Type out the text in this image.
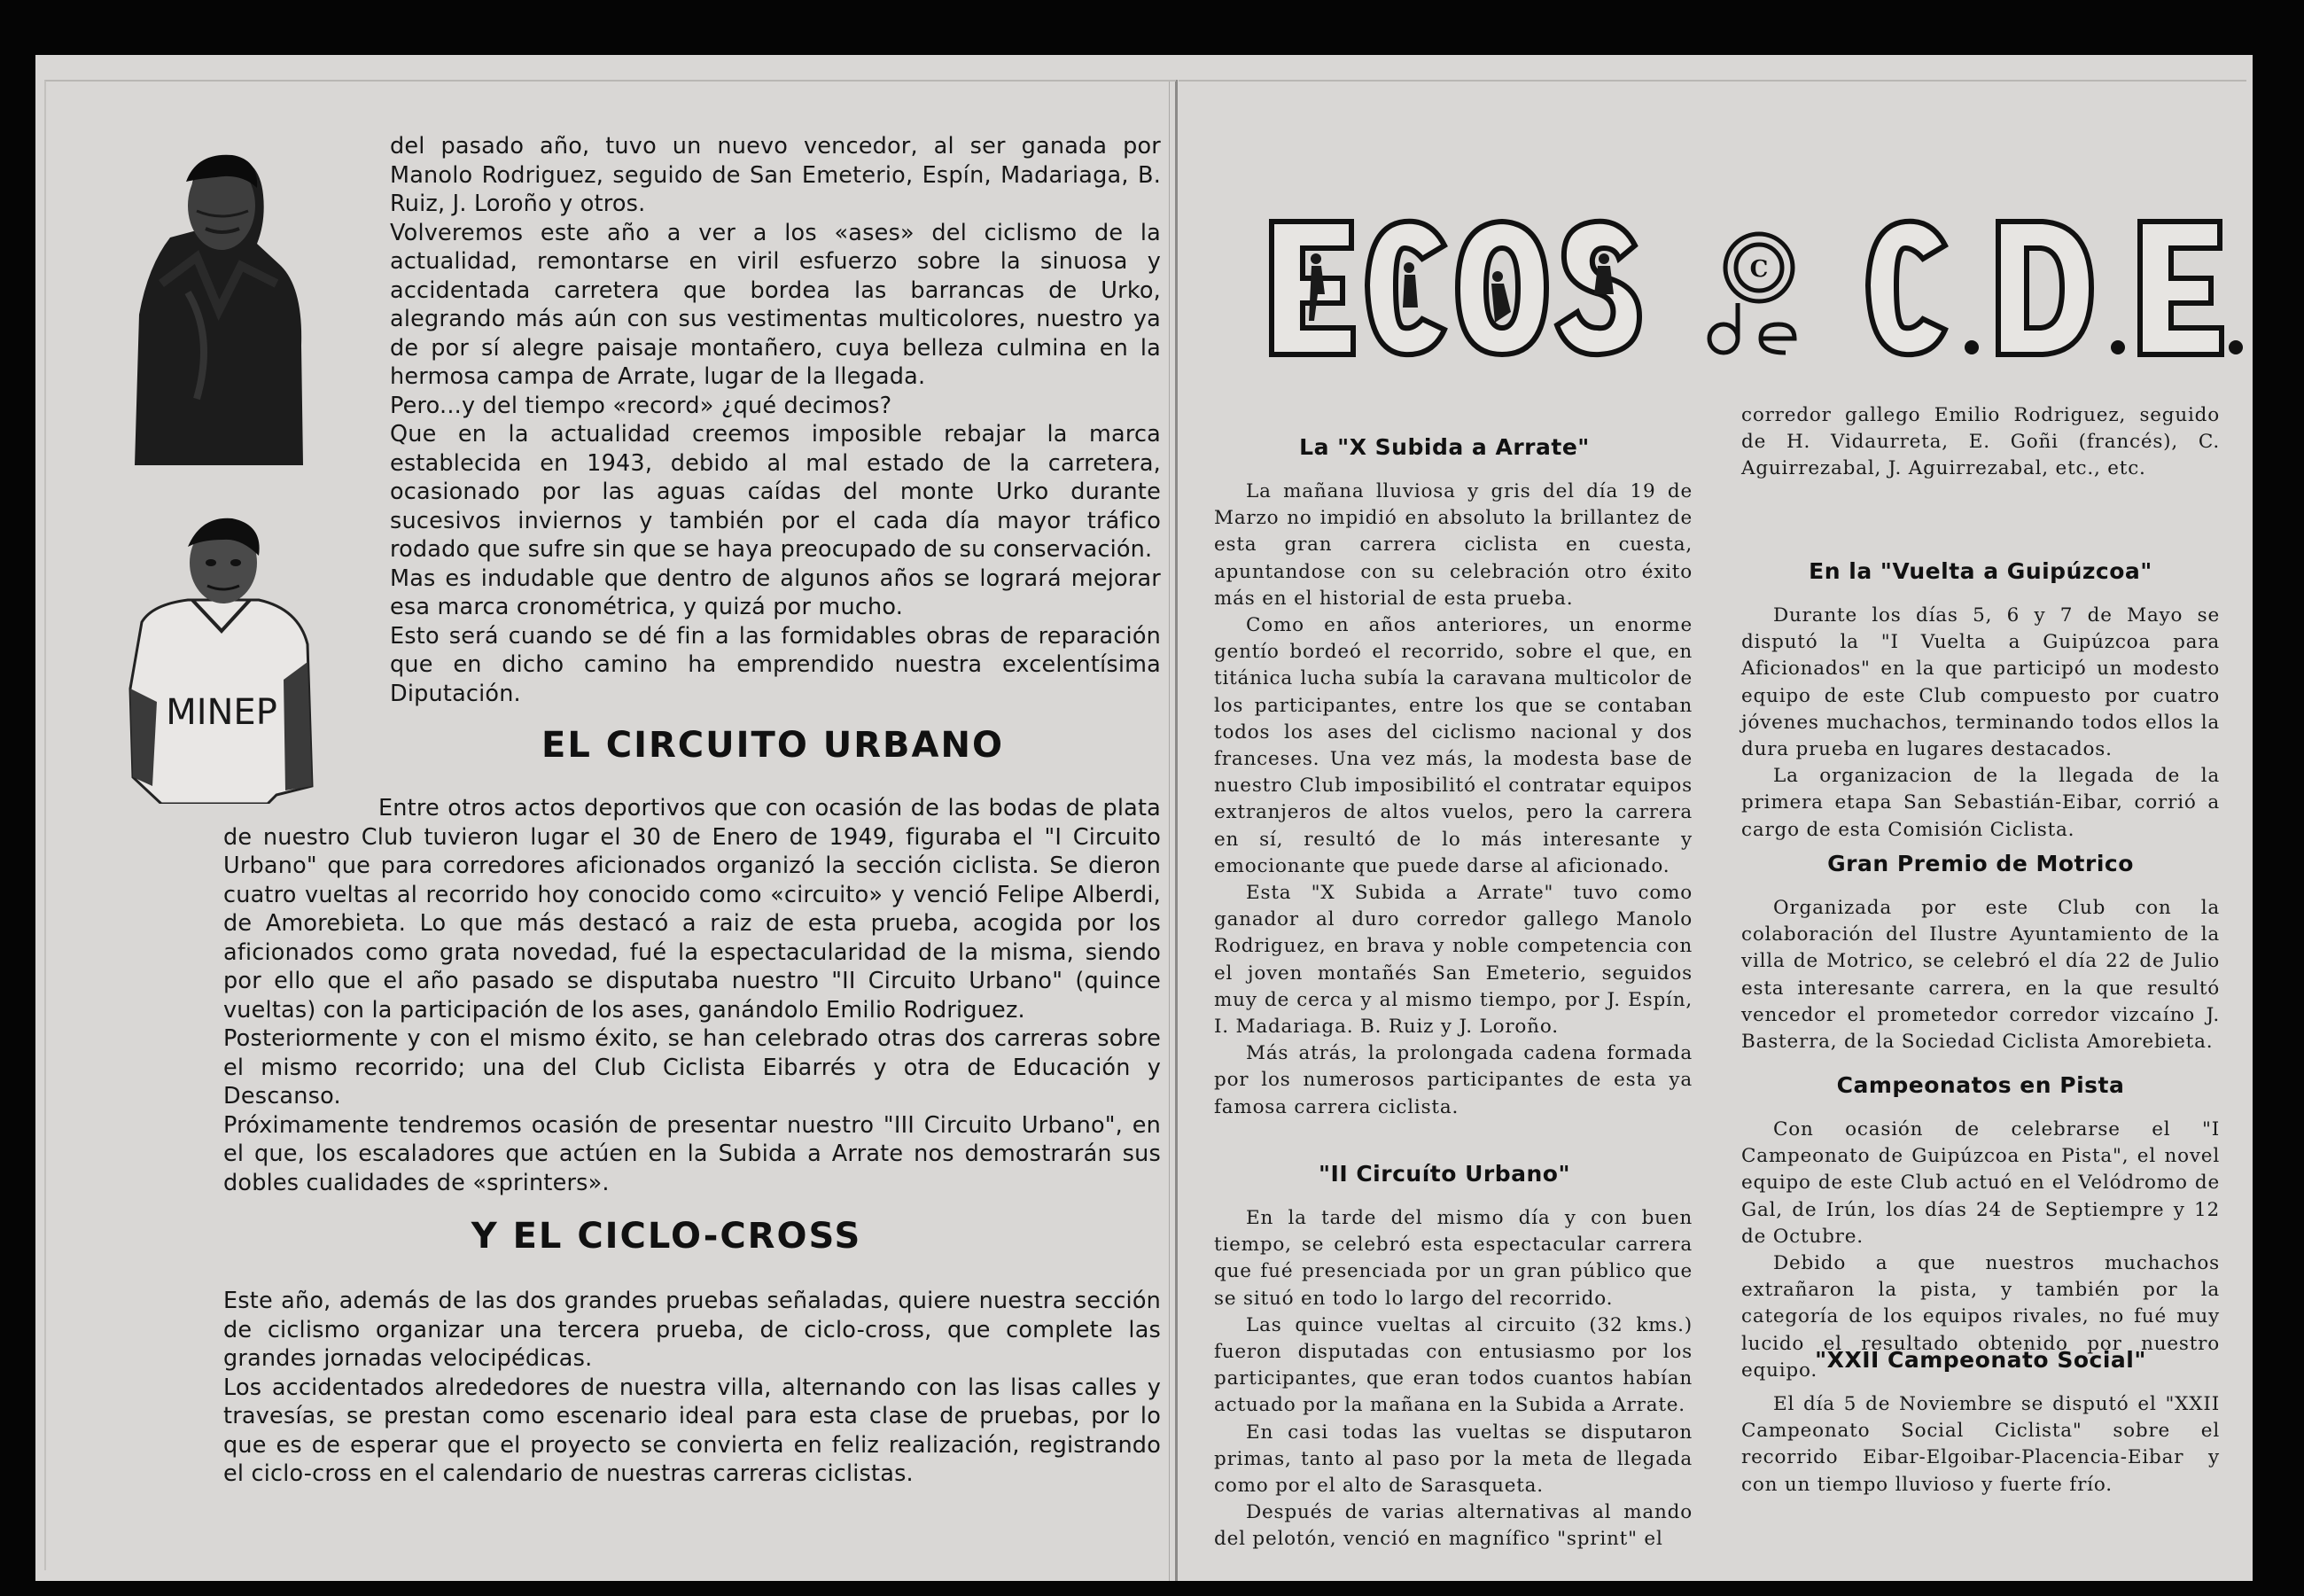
MINEP

del pasado año, tuvo un nuevo vencedor, al ser ganada por Manolo Rodriguez, seguido de San Emeterio, Espín, Madariaga, B. Ruiz, J. Loroño y otros.

Volveremos este año a ver a los «ases» del ciclismo de la actualidad, remontarse en viril esfuerzo sobre la sinuosa y accidentada carretera que bordea las barrancas de Urko, alegrando más aún con sus vestimentas multicolores, nuestro ya de por sí alegre paisaje montañero, cuya belleza culmina en la hermosa campa de Arrate, lugar de la llegada.

Pero...y del tiempo «record» ¿qué decimos?

Que en la actualidad creemos imposible rebajar la marca establecida en 1943, debido al mal estado de la carretera, ocasionado por las aguas caídas del monte Urko durante sucesivos inviernos y también por el cada día mayor tráfico rodado que sufre sin que se haya preocupado de su conservación.

Mas es indudable que dentro de algunos años se logrará mejorar esa marca cronométrica, y quizá por mucho.

Esto será cuando se dé fin a las formidables obras de reparación que en dicho camino ha emprendido nuestra excelentísima Diputación.

EL CIRCUITO URBANO

Entre otros actos deportivos que con ocasión de las bodas de plata de nuestro Club tuvieron lugar el 30 de Enero de 1949, figuraba el "I Circuito Urbano" que para corredores aficionados organizó la sección ciclista. Se dieron cuatro vueltas al recorrido hoy conocido como «circuito» y venció Felipe Alberdi, de Amorebieta. Lo que más destacó a raiz de esta prueba, acogida por los aficionados como grata novedad, fué la espectacularidad de la misma, siendo por ello que el año pasado se disputaba nuestro "II Circuito Urbano" (quince vueltas) con la participación de los ases, ganándolo Emilio Rodriguez.

Posteriormente y con el mismo éxito, se han celebrado otras dos carreras sobre el mismo recorrido; una del Club Ciclista Eibarrés y otra de Educación y Descanso.

Próximamente tendremos ocasión de presentar nuestro "III Circuito Urbano", en el que, los escaladores que actúen en la Subida a Arrate nos demostrarán sus dobles cualidades de «sprinters».

Y EL CICLO-CROSS

Este año, además de las dos grandes pruebas señaladas, quiere nuestra sección de ciclismo organizar una tercera prueba, de ciclo-cross, que complete las grandes jornadas velocipédicas.

Los accidentados alrededores de nuestra villa, alternando con las lisas calles y travesías, se prestan como escenario ideal para esta clase de pruebas, por lo que es de esperar que el proyecto se convierta en feliz realización, registrando el ciclo-cross en el calendario de nuestras carreras ciclistas.

C
La "X Subida a Arrate"

La mañana lluviosa y gris del día 19 de Marzo no impidió en absoluto la brillantez de esta gran carrera ciclista en cuesta, apuntandose con su celebración otro éxito más en el historial de esta prueba.

Como en años anteriores, un enorme gentío bordeó el recorrido, sobre el que, en titánica lucha subía la caravana multicolor de los participantes, entre los que se contaban todos los ases del ciclismo nacional y dos franceses. Una vez más, la modesta base de nuestro Club imposibilitó el contratar equipos extranjeros de altos vuelos, pero la carrera en sí, resultó de lo más interesante y emocionante que puede darse al aficionado.

Esta "X Subida a Arrate" tuvo como ganador al duro corredor gallego Manolo Rodriguez, en brava y noble competencia con el joven montañés San Emeterio, seguidos muy de cerca y al mismo tiempo, por J. Espín, I. Madariaga. B. Ruiz y J. Loroño.

Más atrás, la prolongada cadena formada por los numerosos participantes de esta ya famosa carrera ciclista.

"II Circuíto Urbano"

En la tarde del mismo día y con buen tiempo, se celebró esta espectacular carrera que fué presenciada por un gran público que se situó en todo lo largo del recorrido.

Las quince vueltas al circuito (32 kms.) fueron disputadas con entusiasmo por los participantes, que eran todos cuantos habían actuado por la mañana en la Subida a Arrate.

En casi todas las vueltas se disputaron primas, tanto al paso por la meta de llegada como por el alto de Sarasqueta.

Después de varias alternativas al mando del pelotón, venció en magnífico "sprint" el

corredor gallego Emilio Rodriguez, seguido de H. Vidaurreta, E. Goñi (francés), C. Aguirrezabal, J. Aguirrezabal, etc., etc.

En la "Vuelta a Guipúzcoa"

Durante los días 5, 6 y 7 de Mayo se disputó la "I Vuelta a Guipúzcoa para Aficionados" en la que participó un modesto equipo de este Club compuesto por cuatro jóvenes muchachos, terminando todos ellos la dura prueba en lugares destacados.

La organizacion de la llegada de la primera etapa San Sebastián-Eibar, corrió a cargo de esta Comisión Ciclista.

Gran Premio de Motrico

Organizada por este Club con la colaboración del Ilustre Ayuntamiento de la villa de Motrico, se celebró el día 22 de Julio esta interesante carrera, en la que resultó vencedor el prometedor corredor vizcaíno J. Basterra, de la Sociedad Ciclista Amorebieta.

Campeonatos en Pista

Con ocasión de celebrarse el "I Campeonato de Guipúzcoa en Pista", el novel equipo de este Club actuó en el Velódromo de Gal, de Irún, los días 24 de Septiempre y 12 de Octubre.

Debido a que nuestros muchachos extrañaron la pista, y también por la categoría de los equipos rivales, no fué muy lucido el resultado obtenido por nuestro equipo.

"XXII Campeonato Social"

El día 5 de Noviembre se disputó el "XXII Campeonato Social Ciclista" sobre el recorrido Eibar-Elgoibar-Placencia-Eibar y con un tiempo lluvioso y fuerte frío.
